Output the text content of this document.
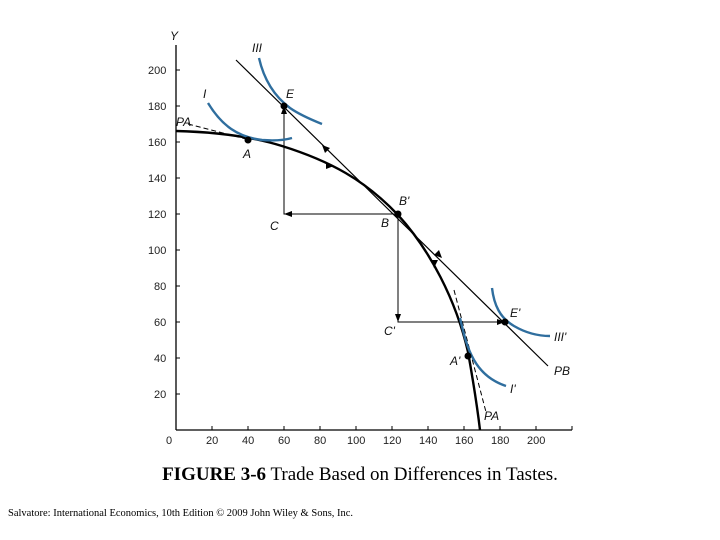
Y
0	20 40 60 80 100 120 140 160 180 200
20
40
60
80
100
120
140
160
180
200
A
E
B'
B
C
C'
E'
A'
III
I
III'
I'
PA
PB
PA
FIGURE 3-6 Trade Based on Differences in Tastes.
Salvatore: International Economics, 10th Edition © 2009 John Wiley & Sons, Inc.
